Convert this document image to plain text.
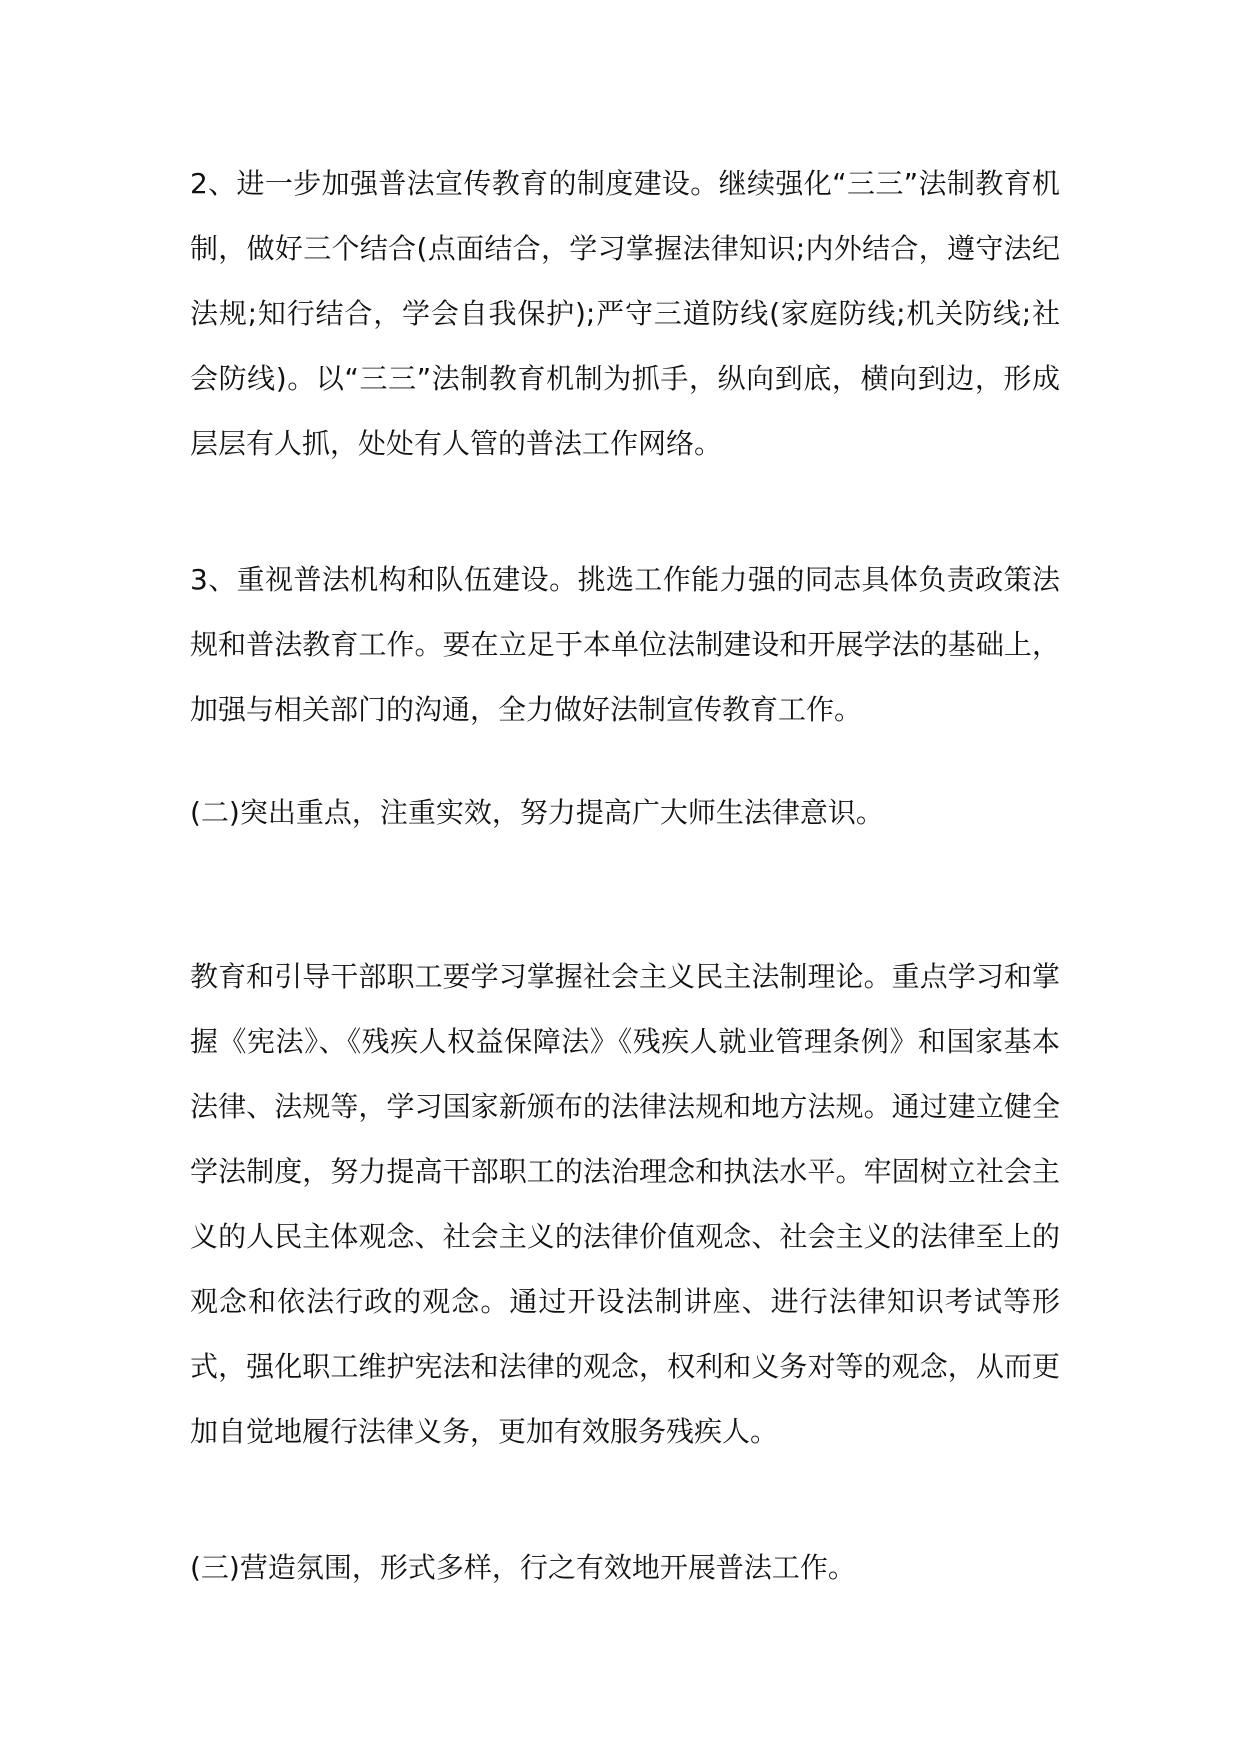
2、进一步加强普法宣传教育的制度建设。继续强化“三三”法制教育机制，做好三个结合(点面结合，学习掌握法律知识;内外结合，遵守法纪法规;知行结合，学会自我保护);严守三道防线(家庭防线;机关防线;社会防线)。以“三三”法制教育机制为抓手，纵向到底，横向到边，形成层层有人抓，处处有人管的普法工作网络。

3、重视普法机构和队伍建设。挑选工作能力强的同志具体负责政策法规和普法教育工作。要在立足于本单位法制建设和开展学法的基础上，加强与相关部门的沟通，全力做好法制宣传教育工作。

(二)突出重点，注重实效，努力提高广大师生法律意识。

教育和引导干部职工要学习掌握社会主义民主法制理论。重点学习和掌握《宪法》、《残疾人权益保障法》《残疾人就业管理条例》和国家基本法律、法规等，学习国家新颁布的法律法规和地方法规。通过建立健全学法制度，努力提高干部职工的法治理念和执法水平。牢固树立社会主义的人民主体观念、社会主义的法律价值观念、社会主义的法律至上的观念和依法行政的观念。通过开设法制讲座、进行法律知识考试等形式，强化职工维护宪法和法律的观念，权利和义务对等的观念，从而更加自觉地履行法律义务，更加有效服务残疾人。

(三)营造氛围，形式多样，行之有效地开展普法工作。
